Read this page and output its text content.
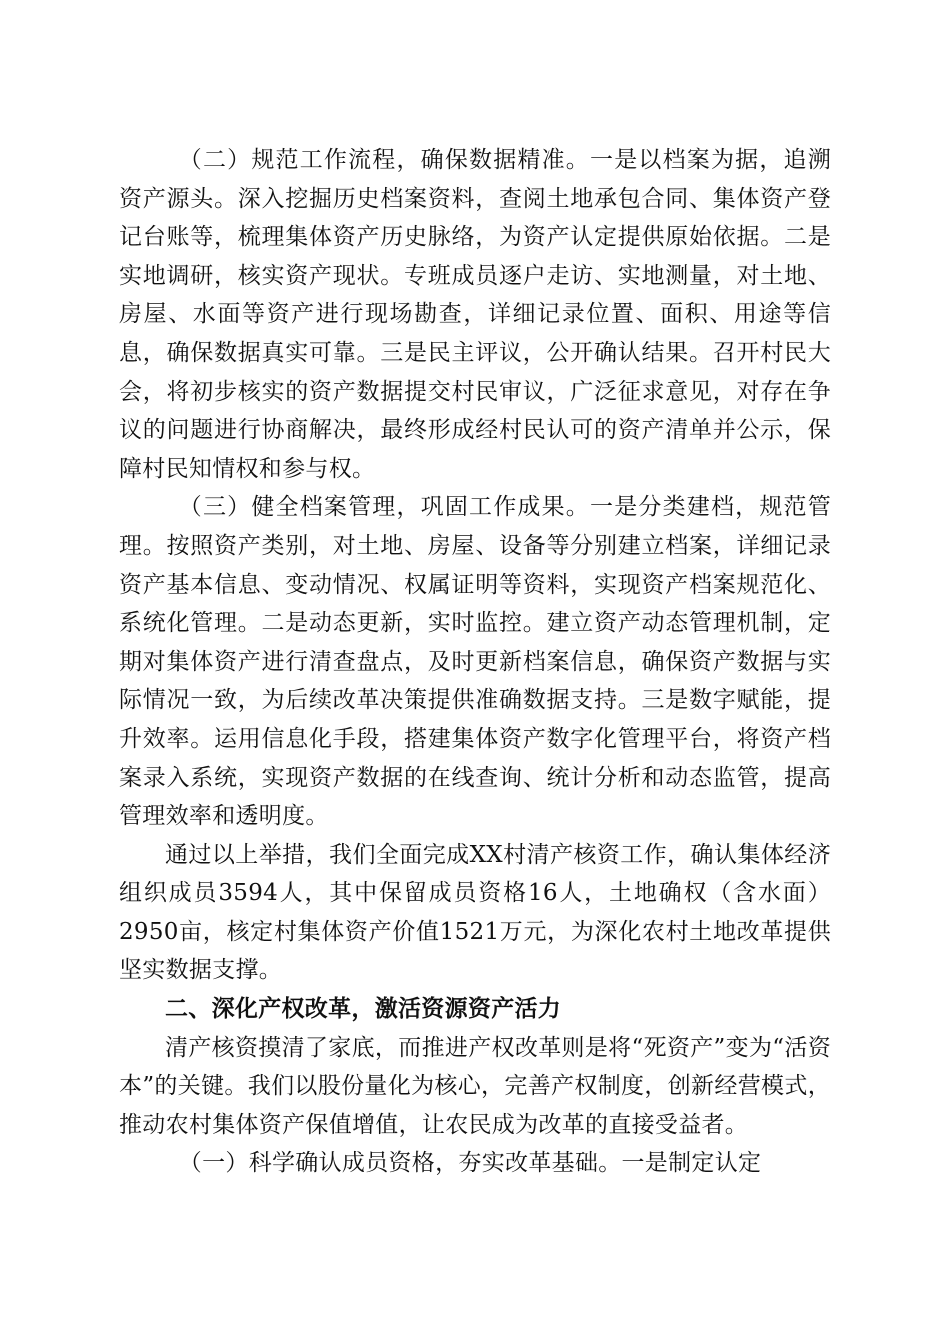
（二）规范工作流程，确保数据精准。一是以档案为据，追溯资产源头。深入挖掘历史档案资料，查阅土地承包合同、集体资产登记台账等，梳理集体资产历史脉络，为资产认定提供原始依据。二是实地调研，核实资产现状。专班成员逐户走访、实地测量，对土地、房屋、水面等资产进行现场勘查，详细记录位置、面积、用途等信息，确保数据真实可靠。三是民主评议，公开确认结果。召开村民大会，将初步核实的资产数据提交村民审议，广泛征求意见，对存在争议的问题进行协商解决，最终形成经村民认可的资产清单并公示，保障村民知情权和参与权。

（三）健全档案管理，巩固工作成果。一是分类建档，规范管理。按照资产类别，对土地、房屋、设备等分别建立档案，详细记录资产基本信息、变动情况、权属证明等资料，实现资产档案规范化、系统化管理。二是动态更新，实时监控。建立资产动态管理机制，定期对集体资产进行清查盘点，及时更新档案信息，确保资产数据与实际情况一致，为后续改革决策提供准确数据支持。三是数字赋能，提升效率。运用信息化手段，搭建集体资产数字化管理平台，将资产档案录入系统，实现资产数据的在线查询、统计分析和动态监管，提高管理效率和透明度。

通过以上举措，我们全面完成XX村清产核资工作，确认集体经济组织成员3594人，其中保留成员资格16人，土地确权（含水面）2950亩，核定村集体资产价值1521万元，为深化农村土地改革提供坚实数据支撑。

二、深化产权改革，激活资源资产活力

清产核资摸清了家底，而推进产权改革则是将“死资产”变为“活资本”的关键。我们以股份量化为核心，完善产权制度，创新经营模式，推动农村集体资产保值增值，让农民成为改革的直接受益者。

（一）科学确认成员资格，夯实改革基础。一是制定认定
